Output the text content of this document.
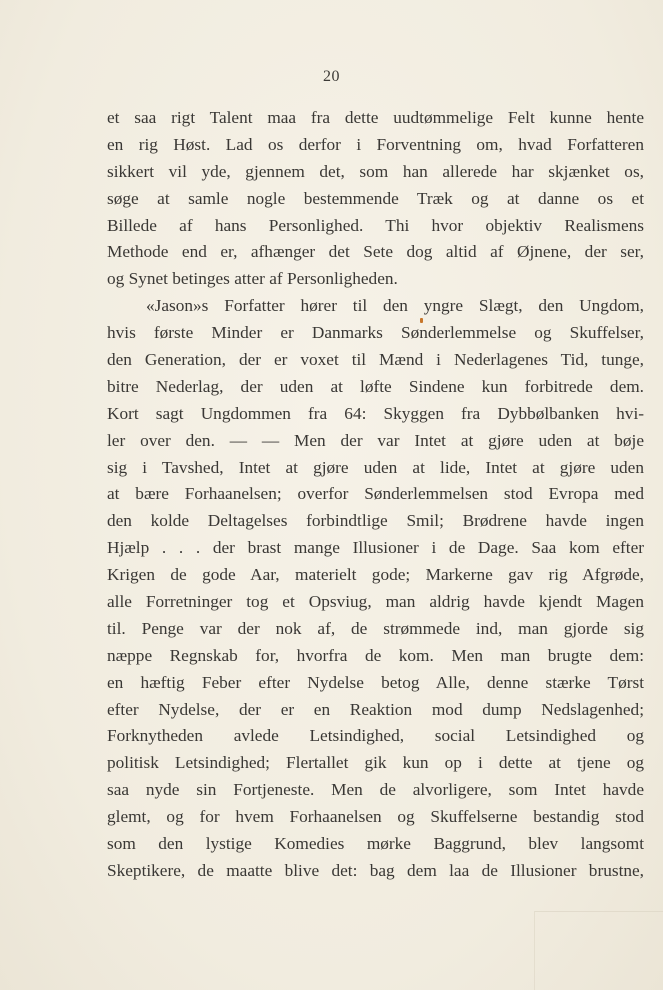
20
et saa rigt Talent maa fra dette uudtømmelige Felt kunne hente
en rig Høst. Lad os derfor i Forventning om, hvad Forfatteren
sikkert vil yde, gjennem det, som han allerede har skjænket os,
søge at samle nogle bestemmende Træk og at danne os et
Billede af hans Personlighed. Thi hvor objektiv Realismens
Methode end er, afhænger det Sete dog altid af Øjnene, der ser,
og Synet betinges atter af Personligheden.
«Jason»s Forfatter hører til den yngre Slægt, den Ungdom,
hvis første Minder er Danmarks Sønderlemmelse og Skuffelser,
den Generation, der er voxet til Mænd i Nederlagenes Tid, tunge,
bitre Nederlag, der uden at løfte Sindene kun forbitrede dem.
Kort sagt Ungdommen fra 64: Skyggen fra Dybbølbanken hvi-
ler over den. — — Men der var Intet at gjøre uden at bøje
sig i Tavshed, Intet at gjøre uden at lide, Intet at gjøre uden
at bære Forhaanelsen; overfor Sønderlemmelsen stod Evropa med
den kolde Deltagelses forbindtlige Smil; Brødrene havde ingen
Hjælp . . . der brast mange Illusioner i de Dage. Saa kom efter
Krigen de gode Aar, materielt gode; Markerne gav rig Afgrøde,
alle Forretninger tog et Opsviug, man aldrig havde kjendt Magen
til. Penge var der nok af, de strømmede ind, man gjorde sig
næppe Regnskab for, hvorfra de kom. Men man brugte dem:
en hæftig Feber efter Nydelse betog Alle, denne stærke Tørst
efter Nydelse, der er en Reaktion mod dump Nedslagenhed;
Forknytheden avlede Letsindighed, social Letsindighed og
politisk Letsindighed; Flertallet gik kun op i dette at tjene og
saa nyde sin Fortjeneste. Men de alvorligere, som Intet havde
glemt, og for hvem Forhaanelsen og Skuffelserne bestandig stod
som den lystige Komedies mørke Baggrund, blev langsomt
Skeptikere, de maatte blive det: bag dem laa de Illusioner brustne,
